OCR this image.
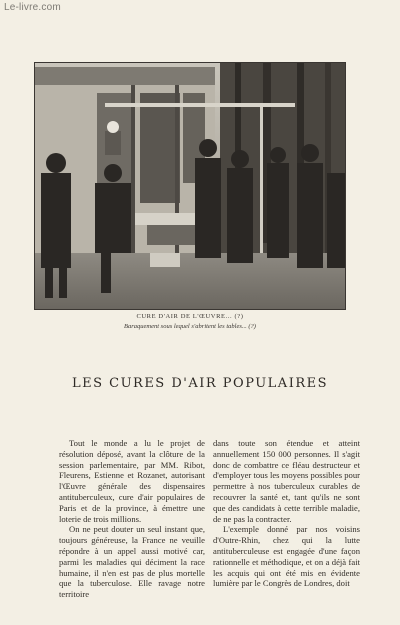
Le-livre.com
CURE D'AIR DE L'ŒUVRE... (?)
Baraquement sous lequel s'abritent les tables... (?)
LES CURES D'AIR POPULAIRES

Tout le monde a lu le projet de résolution déposé, avant la clôture de la session parlementaire, par MM. Ribot, Fleurens, Estienne et Rozanet, autorisant l'Œuvre générale des dispensaires antituberculeux, cure d'air populaires de Paris et de la province, à émettre une loterie de trois millions.

On ne peut douter un seul instant que, toujours généreuse, la France ne veuille répondre à un appel aussi motivé car, parmi les maladies qui déciment la race humaine, il n'en est pas de plus mortelle que la tuberculose. Elle ravage notre territoire

dans toute son étendue et atteint annuellement 150 000 personnes. Il s'agit donc de combattre ce fléau destructeur et d'employer tous les moyens possibles pour permettre à nos tuberculeux curables de recouvrer la santé et, tant qu'ils ne sont que des candidats à cette terrible maladie, de ne pas la contracter.

L'exemple donné par nos voisins d'Outre-Rhin, chez qui la lutte antituberculeuse est engagée d'une façon rationnelle et méthodique, et on a déjà fait les acquis qui ont été mis en évidente lumière par le Congrès de Londres, doit
